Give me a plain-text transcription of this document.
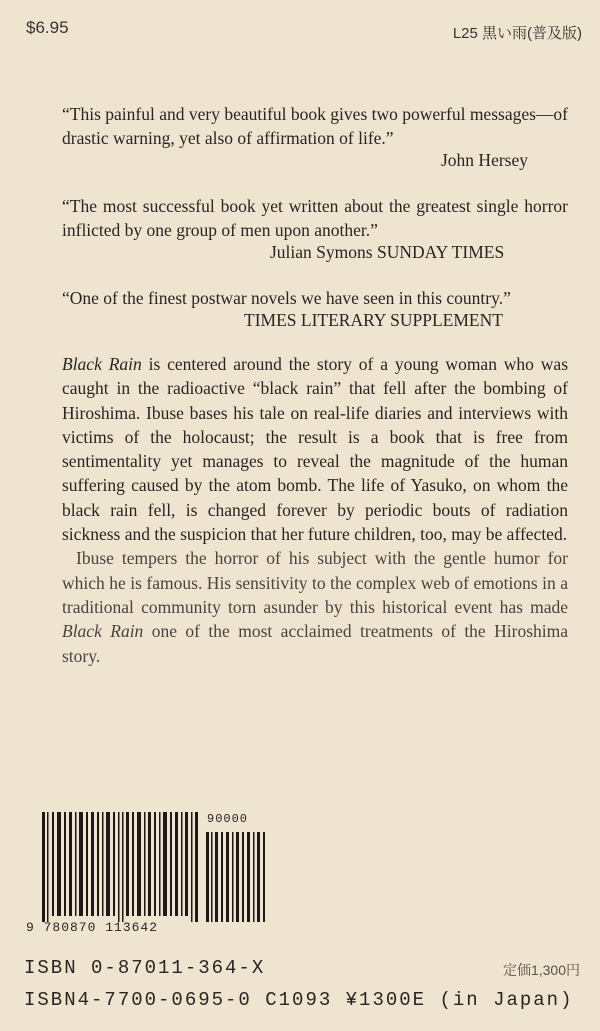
$6.95	L25 黒い雨(普及版)
“This painful and very beautiful book gives two powerful messages—of drastic warning, yet also of affirmation of life.”
John Hersey
“The most successful book yet written about the greatest single horror inflicted by one group of men upon another.”
Julian Symons SUNDAY TIMES
“One of the finest postwar novels we have seen in this country.”
TIMES LITERARY SUPPLEMENT

Black Rain is centered around the story of a young woman who was caught in the radioactive “black rain” that fell after the bombing of Hiroshima. Ibuse bases his tale on real-life diaries and interviews with victims of the holocaust; the result is a book that is free from sentimentality yet manages to reveal the magnitude of the human suffering caused by the atom bomb. The life of Yasuko, on whom the black rain fell, is changed forever by periodic bouts of radiation sickness and the suspicion that her future children, too, may be affected.

Ibuse tempers the horror of his subject with the gentle humor for which he is famous. His sensitivity to the complex web of emotions in a traditional community torn asunder by this historical event has made Black Rain one of the most acclaimed treatments of the Hiroshima story.

90000
9 780870 113642
ISBN 0-87011-364-X	定価1,300円
ISBN4-7700-0695-0 C1093 ¥1300E (in Japan)
